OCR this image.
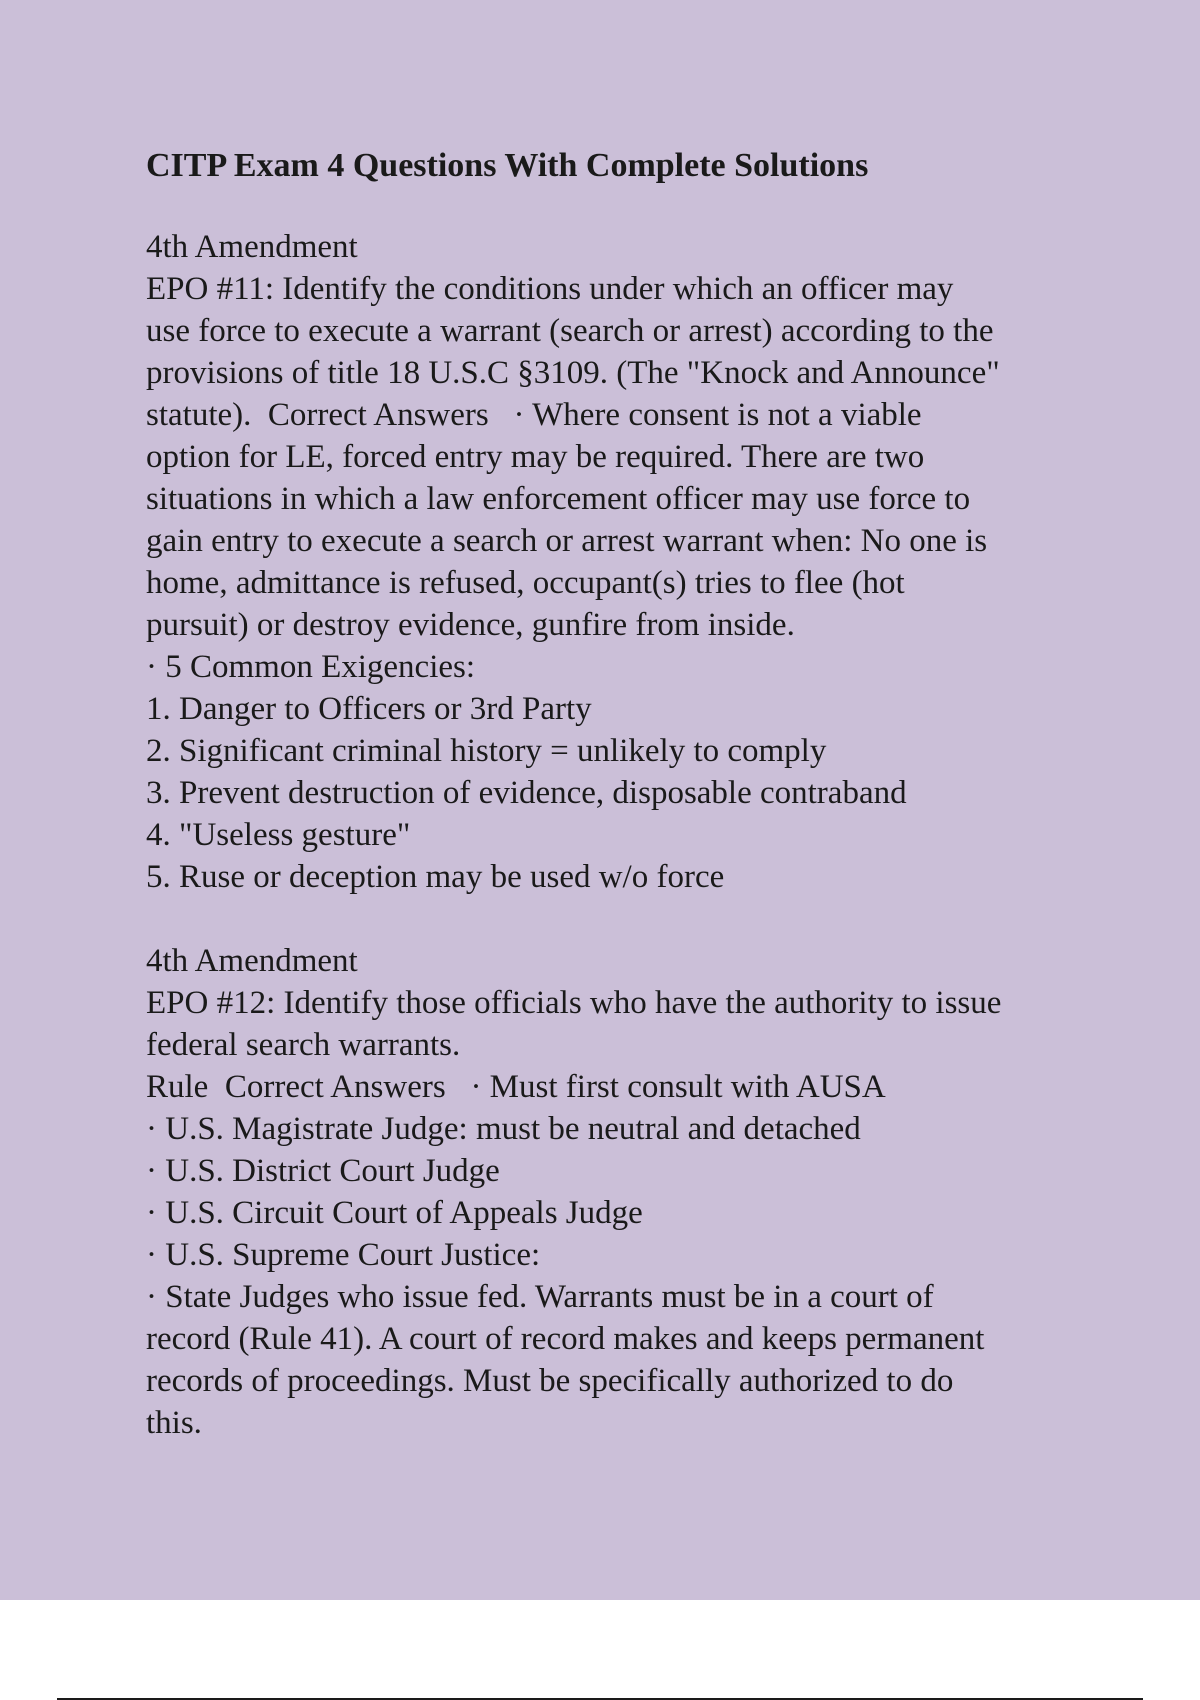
CITP Exam 4 Questions With Complete Solutions

4th Amendment

EPO #11: Identify the conditions under which an officer may

use force to execute a warrant (search or arrest) according to the

provisions of title 18 U.S.C §3109. (The "Knock and Announce"

statute).  Correct Answers   · Where consent is not a viable

option for LE, forced entry may be required. There are two

situations in which a law enforcement officer may use force to

gain entry to execute a search or arrest warrant when: No one is

home, admittance is refused, occupant(s) tries to flee (hot

pursuit) or destroy evidence, gunfire from inside.

· 5 Common Exigencies:

1. Danger to Officers or 3rd Party

2. Significant criminal history = unlikely to comply

3. Prevent destruction of evidence, disposable contraband

4. "Useless gesture"

5. Ruse or deception may be used w/o force

4th Amendment

EPO #12: Identify those officials who have the authority to issue

federal search warrants.

Rule  Correct Answers   · Must first consult with AUSA

· U.S. Magistrate Judge: must be neutral and detached

· U.S. District Court Judge

· U.S. Circuit Court of Appeals Judge

· U.S. Supreme Court Justice:

· State Judges who issue fed. Warrants must be in a court of

record (Rule 41). A court of record makes and keeps permanent

records of proceedings. Must be specifically authorized to do

this.
